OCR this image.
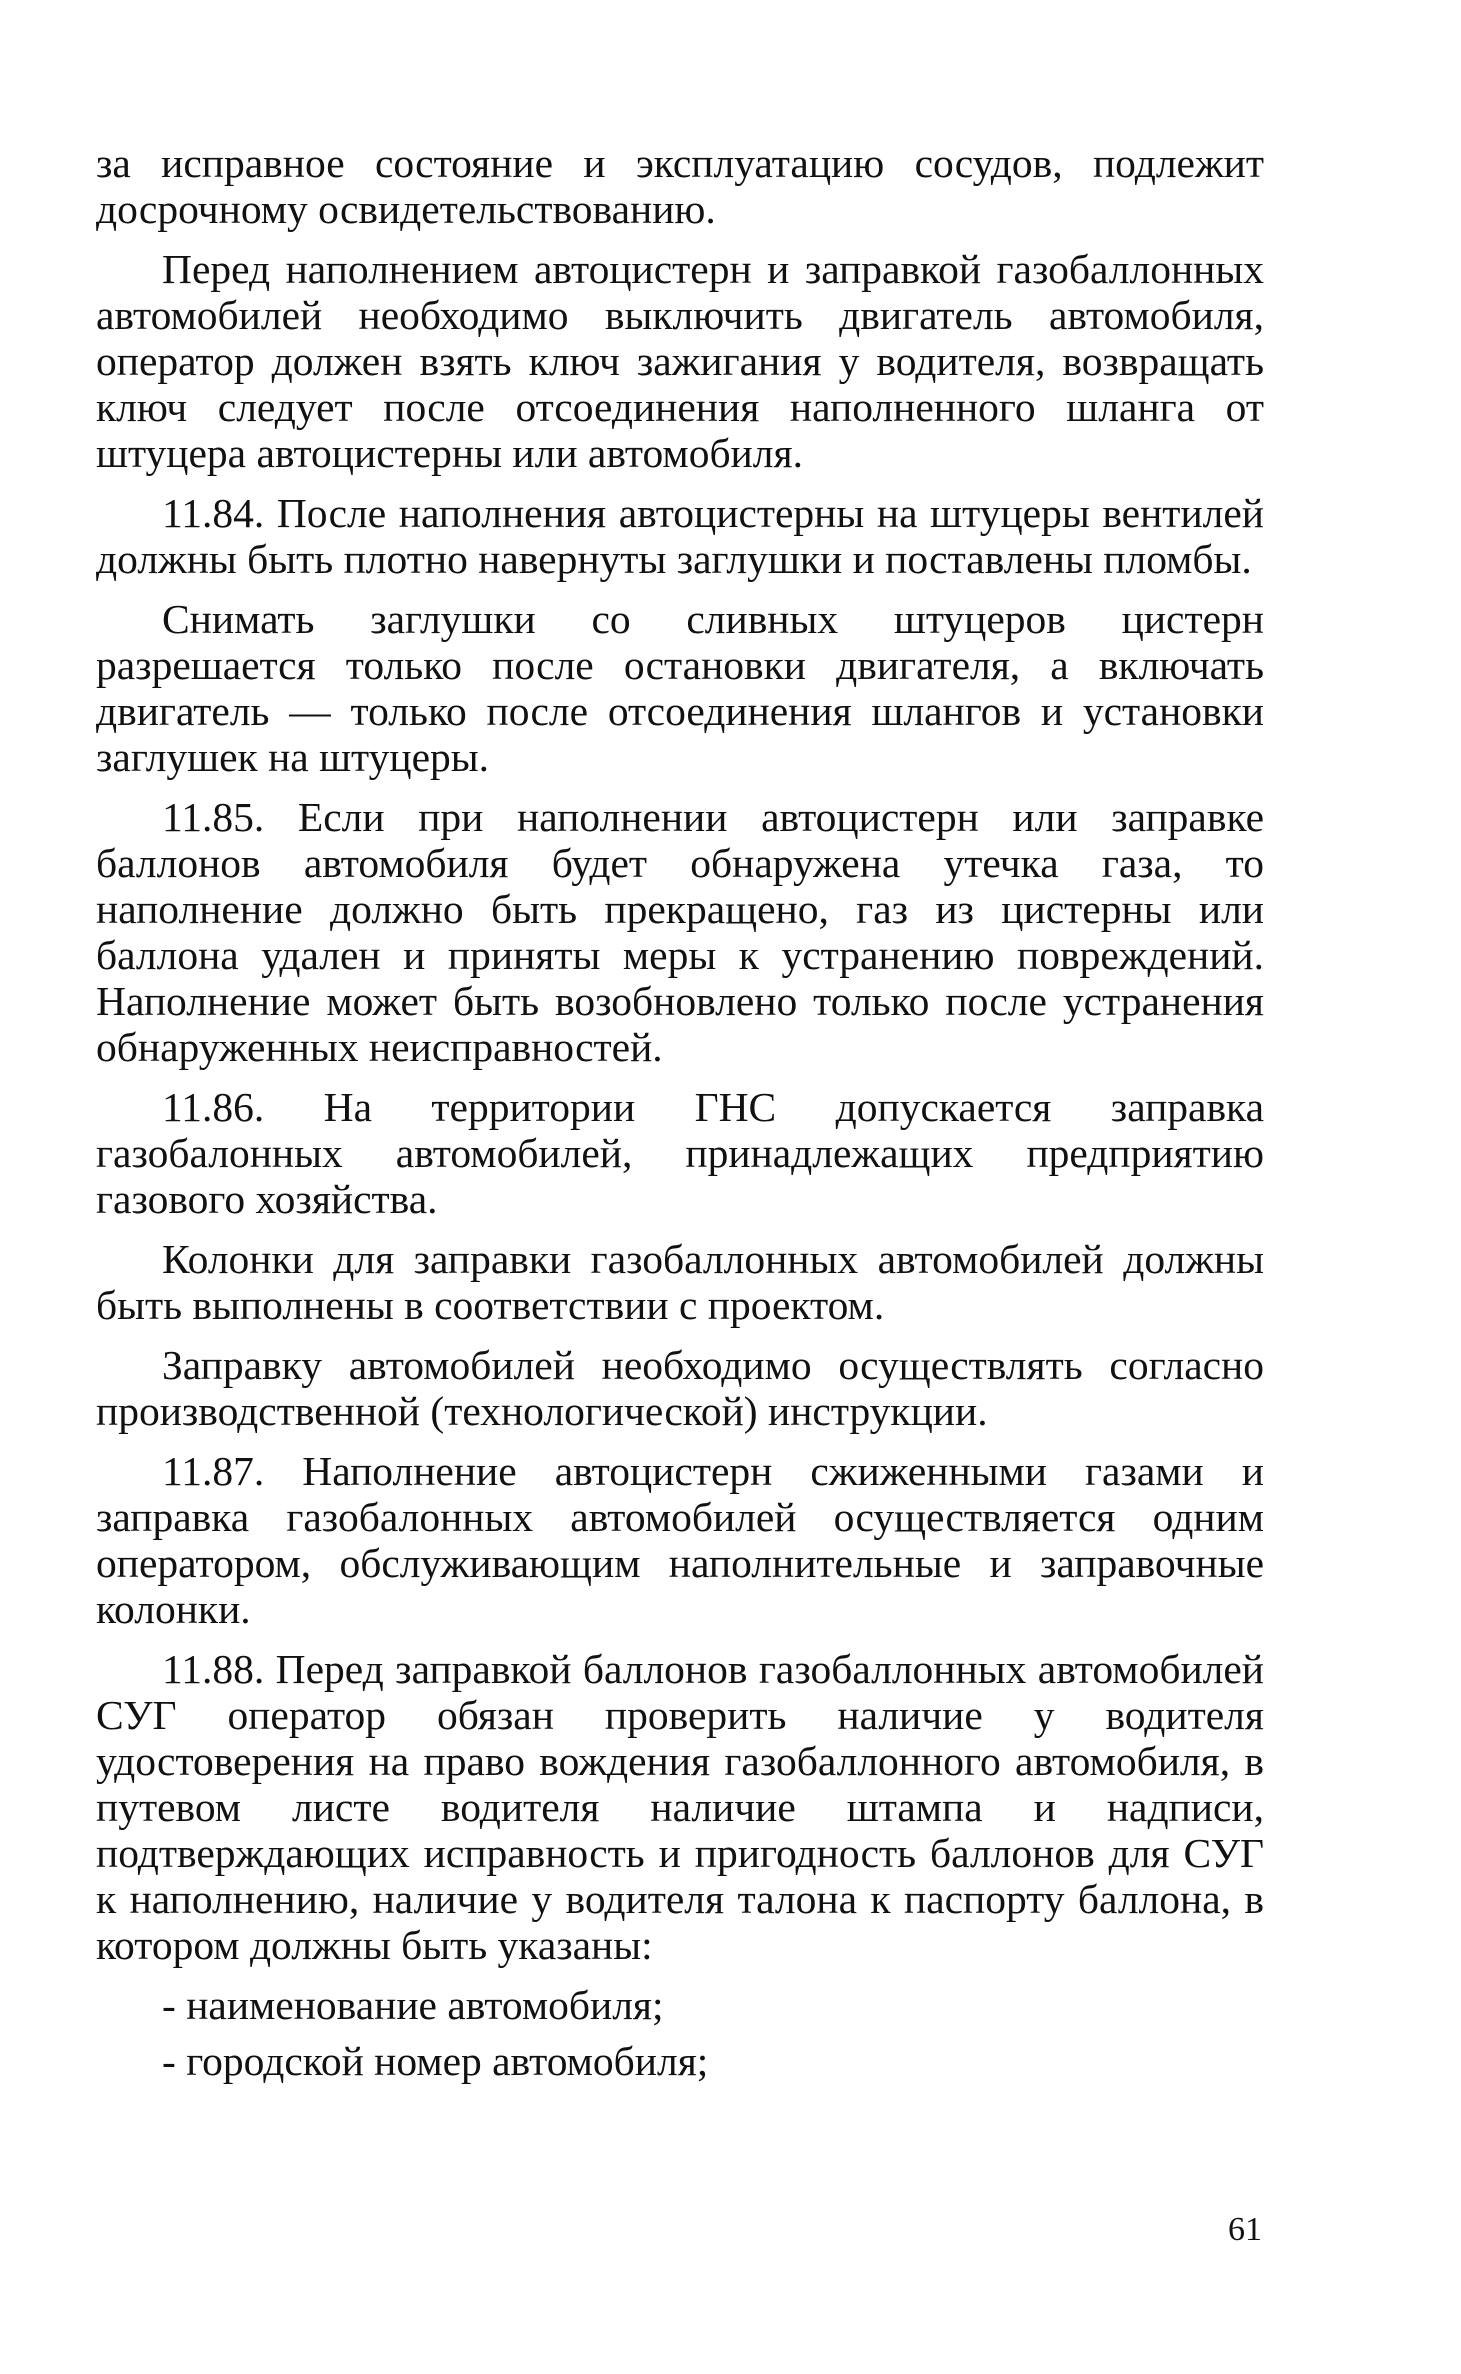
за исправное состояние и эксплуатацию сосудов, подлежит досрочному освидетельствованию.

Перед наполнением автоцистерн и заправкой газобаллонных автомобилей необходимо выключить двигатель автомобиля, оператор должен взять ключ зажигания у водителя, возвращать ключ следует после отсоединения наполненного шланга от штуцера автоцистерны или автомобиля.

11.84. После наполнения автоцистерны на штуцеры вентилей должны быть плотно навернуты заглушки и поставлены пломбы.

Снимать заглушки со сливных штуцеров цистерн разрешается только после остановки двигателя, а включать двигатель — только после отсоединения шлангов и установки заглушек на штуцеры.

11.85. Если при наполнении автоцистерн или заправке баллонов автомобиля будет обнаружена утечка газа, то наполнение должно быть прекращено, газ из цистерны или баллона удален и приняты меры к устранению повреждений. Наполнение может быть возобновлено только после устранения обнаруженных неисправностей.

11.86. На территории ГНС допускается заправка газобалонных автомобилей, принадлежащих предприятию газового хозяйства.

Колонки для заправки газобаллонных автомобилей должны быть выполнены в соответствии с проектом.

Заправку автомобилей необходимо осуществлять согласно производственной (технологической) инструкции.

11.87. Наполнение автоцистерн сжиженными газами и заправка газобалонных автомобилей осуществляется одним оператором, обслуживающим наполнительные и заправочные колонки.

11.88. Перед заправкой баллонов газобаллонных автомобилей СУГ оператор обязан проверить наличие у водителя удостоверения на право вождения газобаллонного автомобиля, в путевом листе водителя наличие штампа и надписи, подтверждающих исправность и пригодность баллонов для СУГ к наполнению, наличие у водителя талона к паспорту баллона, в котором должны быть указаны:

- наименование автомобиля;
- городской номер автомобиля;
61
